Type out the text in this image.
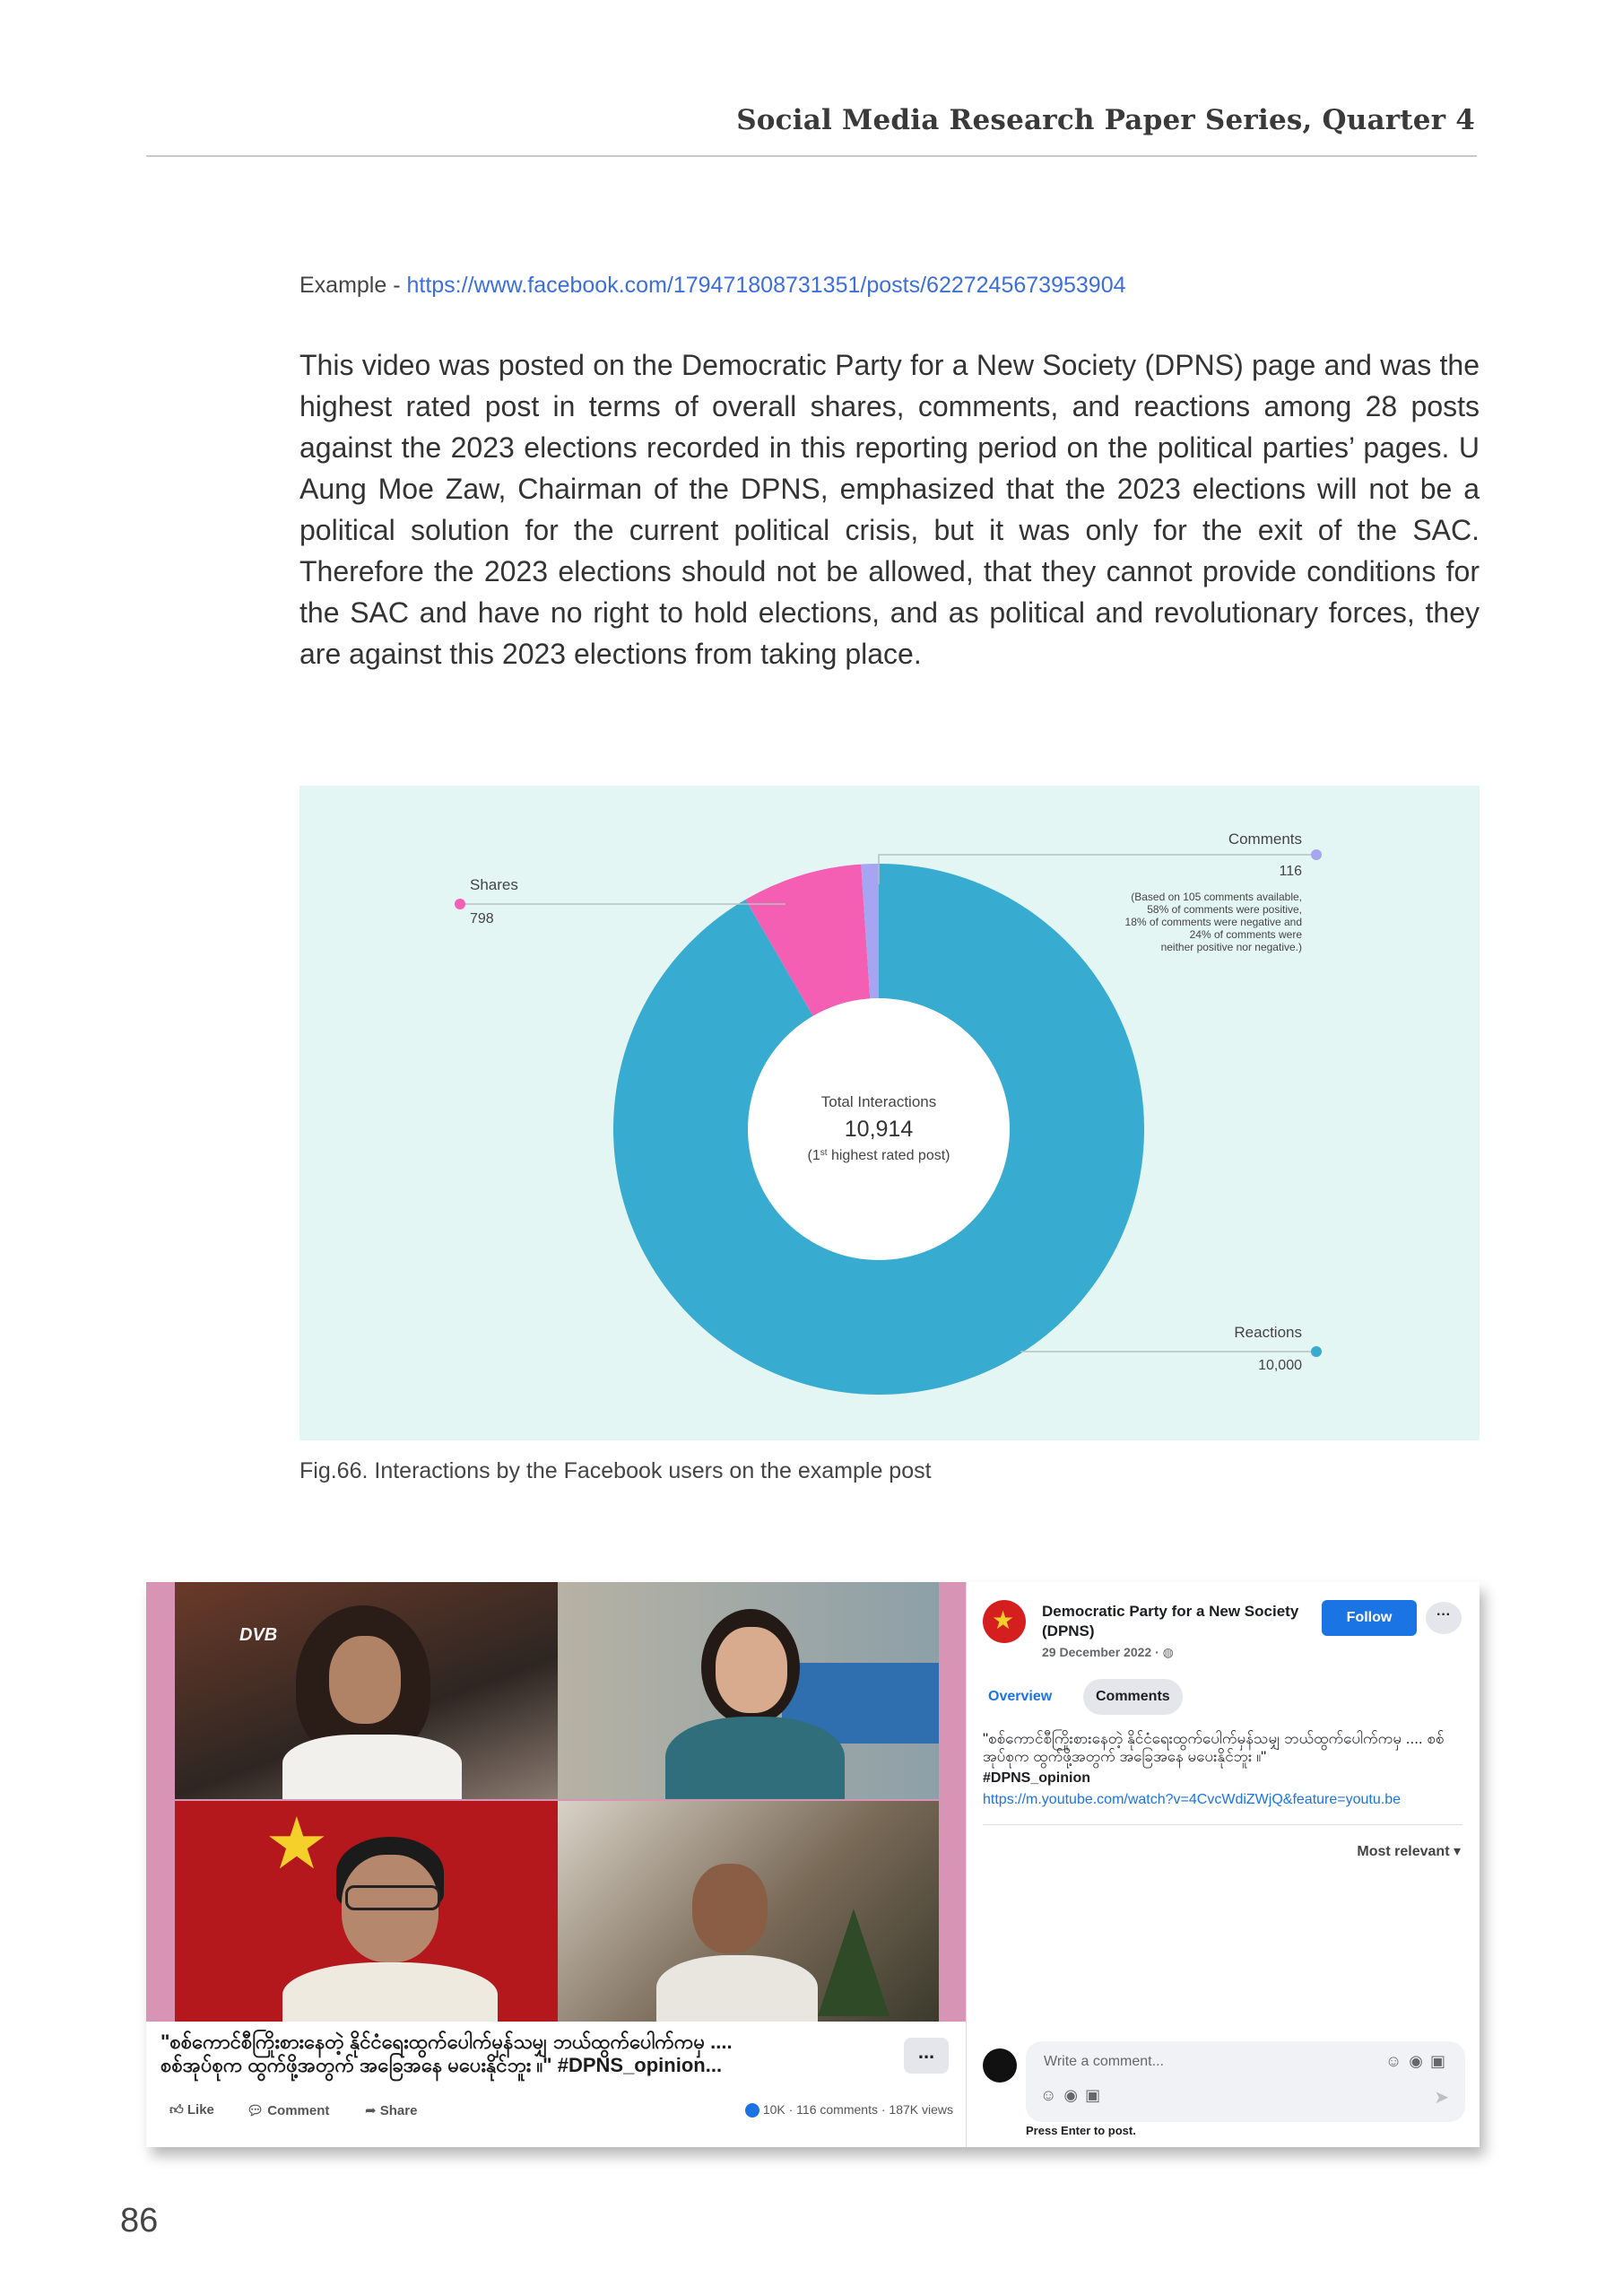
Social Media Research Paper Series, Quarter 4
Example - https://www.facebook.com/179471808731351/posts/6227245673953904

This video was posted on the Democratic Party for a New Society (DPNS) page and was the highest rated post in terms of overall shares, comments, and reactions among 28 posts against the 2023 elections recorded in this reporting period on the political parties’ pages. U Aung Moe Zaw, Chairman of the DPNS, emphasized that the 2023 elections will not be a political solution for the current political crisis, but it was only for the exit of the SAC. Therefore the 2023 elections should not be allowed, that they cannot provide conditions for the SAC and have no right to hold elections, and as political and revolutionary forces, they are against this 2023 elections from taking place.

Total Interactions
10,914
(1st highest rated post)
Shares
798
Comments
116
(Based on 105 comments available,
58% of comments were positive,
18% of comments were negative and
24% of comments were
neither positive nor negative.)
Reactions
10,000
Fig.66. Interactions by the Facebook users on the example post
DVB
★
"စစ်ကောင်စီကြိုးစားနေတဲ့ နိုင်ငံရေးထွက်ပေါက်မှန်သမျှ ဘယ်ထွက်ပေါက်ကမှ ....
စစ်အုပ်စုက ထွက်ဖို့အတွက် အခြေအနေ မပေးနိုင်ဘူး ။" #DPNS_opinion...
...
👍︎ Like 💬︎ Comment	➦ Share	10K · 116 comments · 187K views
★ Democratic Party for a New Society (DPNS)
29 December 2022 · ◍
Follow	···
Overview	Comments
"စစ်ကောင်စီကြိုးစားနေတဲ့ နိုင်ငံရေးထွက်ပေါက်မှန်သမျှ ဘယ်ထွက်ပေါက်ကမှ .... စစ်အုပ်စုက ထွက်ဖို့အတွက် အခြေအနေ မပေးနိုင်ဘူး ။"
#DPNS_opinion
https://m.youtube.com/watch?v=4CvcWdiZWjQ&feature=youtu.be
Most relevant ▾
Write a comment...	☺◉▣
☺◉▣	➤
Press Enter to post.
86
